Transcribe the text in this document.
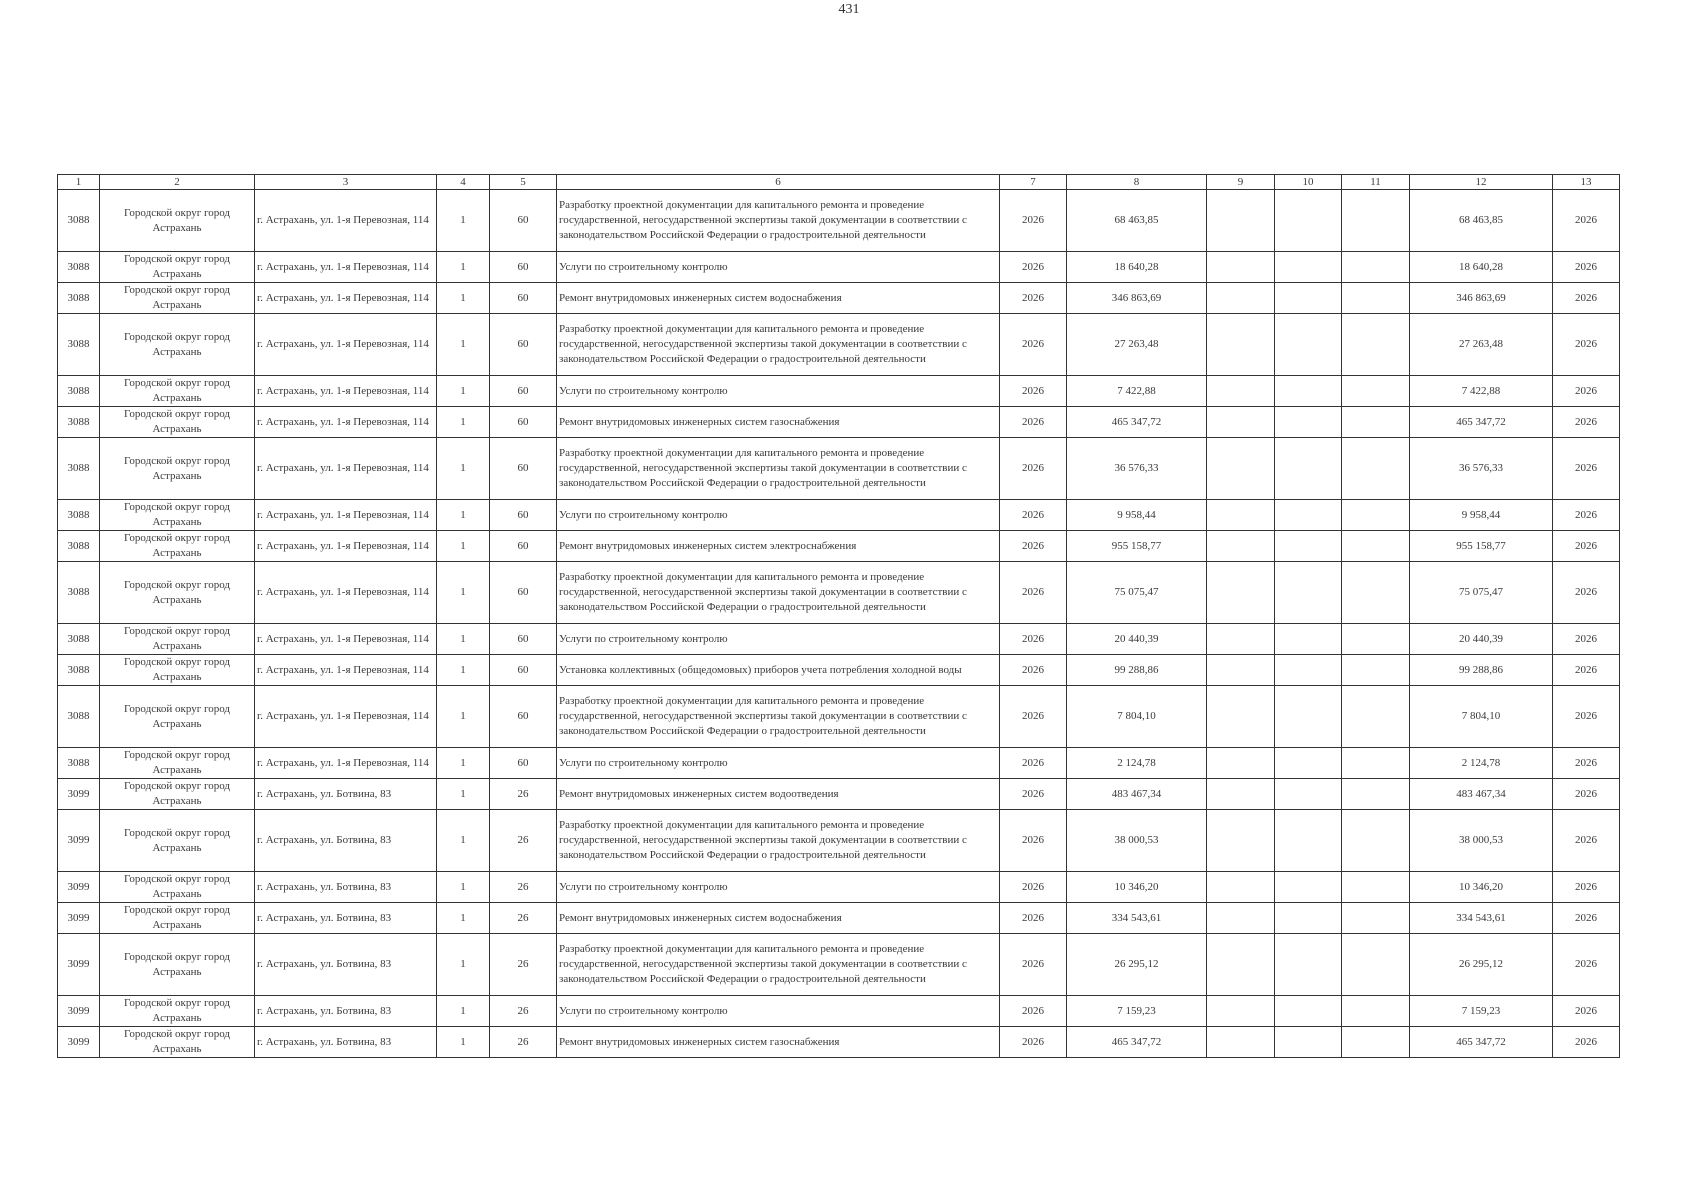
431
1	2	3	4	5	6	7	8	9	10	11	12	13
3088	Городской округ город Астрахань	г. Астрахань, ул. 1-я Перевозная, 114	1	60	Разработку проектной документации для капитального ремонта и проведение государственной, негосударственной экспертизы такой документации в соответствии с законодательством Российской Федерации о градостроительной деятельности	2026	68 463,85				68 463,85	2026
3088	Городской округ город Астрахань	г. Астрахань, ул. 1-я Перевозная, 114	1	60	Услуги по строительному контролю	2026	18 640,28				18 640,28	2026
3088	Городской округ город Астрахань	г. Астрахань, ул. 1-я Перевозная, 114	1	60	Ремонт внутридомовых инженерных систем водоснабжения	2026	346 863,69				346 863,69	2026
3088	Городской округ город Астрахань	г. Астрахань, ул. 1-я Перевозная, 114	1	60	Разработку проектной документации для капитального ремонта и проведение государственной, негосударственной экспертизы такой документации в соответствии с законодательством Российской Федерации о градостроительной деятельности	2026	27 263,48				27 263,48	2026
3088	Городской округ город Астрахань	г. Астрахань, ул. 1-я Перевозная, 114	1	60	Услуги по строительному контролю	2026	7 422,88				7 422,88	2026
3088	Городской округ город Астрахань	г. Астрахань, ул. 1-я Перевозная, 114	1	60	Ремонт внутридомовых инженерных систем газоснабжения	2026	465 347,72				465 347,72	2026
3088	Городской округ город Астрахань	г. Астрахань, ул. 1-я Перевозная, 114	1	60	Разработку проектной документации для капитального ремонта и проведение государственной, негосударственной экспертизы такой документации в соответствии с законодательством Российской Федерации о градостроительной деятельности	2026	36 576,33				36 576,33	2026
3088	Городской округ город Астрахань	г. Астрахань, ул. 1-я Перевозная, 114	1	60	Услуги по строительному контролю	2026	9 958,44				9 958,44	2026
3088	Городской округ город Астрахань	г. Астрахань, ул. 1-я Перевозная, 114	1	60	Ремонт внутридомовых инженерных систем электроснабжения	2026	955 158,77				955 158,77	2026
3088	Городской округ город Астрахань	г. Астрахань, ул. 1-я Перевозная, 114	1	60	Разработку проектной документации для капитального ремонта и проведение государственной, негосударственной экспертизы такой документации в соответствии с законодательством Российской Федерации о градостроительной деятельности	2026	75 075,47				75 075,47	2026
3088	Городской округ город Астрахань	г. Астрахань, ул. 1-я Перевозная, 114	1	60	Услуги по строительному контролю	2026	20 440,39				20 440,39	2026
3088	Городской округ город Астрахань	г. Астрахань, ул. 1-я Перевозная, 114	1	60	Установка коллективных (общедомовых) приборов учета потребления холодной воды	2026	99 288,86				99 288,86	2026
3088	Городской округ город Астрахань	г. Астрахань, ул. 1-я Перевозная, 114	1	60	Разработку проектной документации для капитального ремонта и проведение государственной, негосударственной экспертизы такой документации в соответствии с законодательством Российской Федерации о градостроительной деятельности	2026	7 804,10				7 804,10	2026
3088	Городской округ город Астрахань	г. Астрахань, ул. 1-я Перевозная, 114	1	60	Услуги по строительному контролю	2026	2 124,78				2 124,78	2026
3099	Городской округ город Астрахань	г. Астрахань, ул. Ботвина, 83	1	26	Ремонт внутридомовых инженерных систем водоотведения	2026	483 467,34				483 467,34	2026
3099	Городской округ город Астрахань	г. Астрахань, ул. Ботвина, 83	1	26	Разработку проектной документации для капитального ремонта и проведение государственной, негосударственной экспертизы такой документации в соответствии с законодательством Российской Федерации о градостроительной деятельности	2026	38 000,53				38 000,53	2026
3099	Городской округ город Астрахань	г. Астрахань, ул. Ботвина, 83	1	26	Услуги по строительному контролю	2026	10 346,20				10 346,20	2026
3099	Городской округ город Астрахань	г. Астрахань, ул. Ботвина, 83	1	26	Ремонт внутридомовых инженерных систем водоснабжения	2026	334 543,61				334 543,61	2026
3099	Городской округ город Астрахань	г. Астрахань, ул. Ботвина, 83	1	26	Разработку проектной документации для капитального ремонта и проведение государственной, негосударственной экспертизы такой документации в соответствии с законодательством Российской Федерации о градостроительной деятельности	2026	26 295,12				26 295,12	2026
3099	Городской округ город Астрахань	г. Астрахань, ул. Ботвина, 83	1	26	Услуги по строительному контролю	2026	7 159,23				7 159,23	2026
3099	Городской округ город Астрахань	г. Астрахань, ул. Ботвина, 83	1	26	Ремонт внутридомовых инженерных систем газоснабжения	2026	465 347,72				465 347,72	2026
